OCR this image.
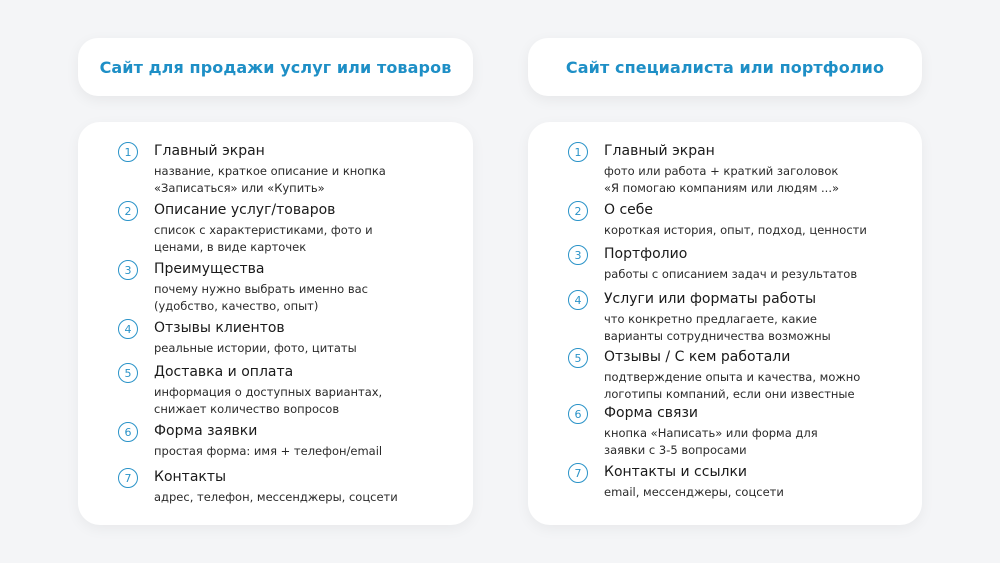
Сайт для продажи услуг или товаров	Сайт специалиста или портфолио
1	Главный экран
название, краткое описание и кнопка
«Записаться» или «Купить»
2	Описание услуг/товаров
список с характеристиками, фото и
ценами, в виде карточек
3	Преимущества
почему нужно выбрать именно вас
(удобство, качество, опыт)
4	Отзывы клиентов
реальные истории, фото, цитаты
5	Доставка и оплата
информация о доступных вариантах,
снижает количество вопросов
6	Форма заявки
простая форма: имя + телефон/email
7	Контакты
адрес, телефон, мессенджеры, соцсети
1	Главный экран
фото или работа + краткий заголовок
«Я помогаю компаниям или людям ...»
2	О себе
короткая история, опыт, подход, ценности
3	Портфолио
работы с описанием задач и результатов
4	Услуги или форматы работы
что конкретно предлагаете, какие
варианты сотрудничества возможны
5	Отзывы / С кем работали
подтверждение опыта и качества, можно
логотипы компаний, если они известные
6	Форма связи
кнопка «Написать» или форма для
заявки с 3-5 вопросами
7	Контакты и ссылки
email, мессенджеры, соцсети
